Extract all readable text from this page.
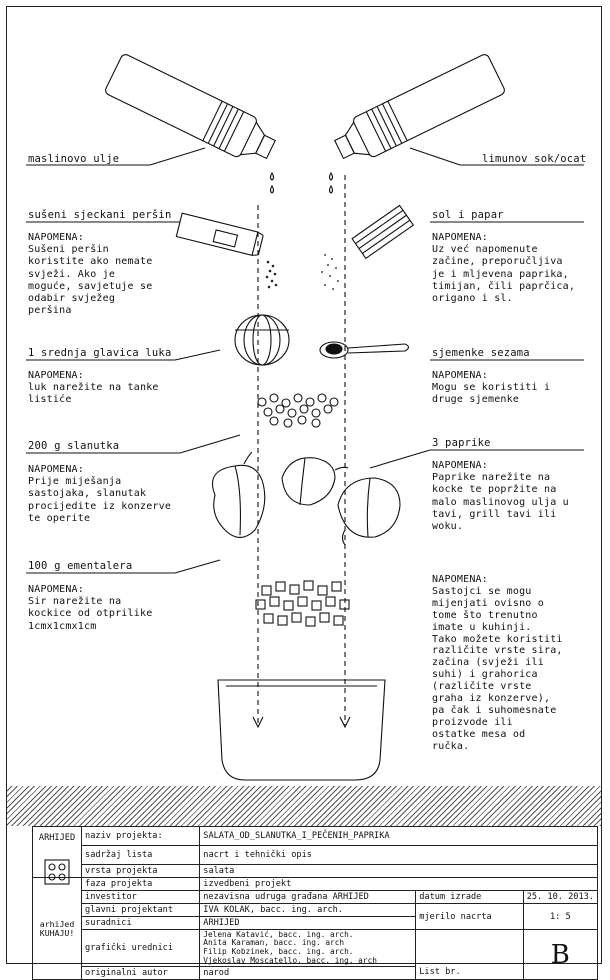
maslinovo ulje	limunov sok/ocat
sušeni sjeckani peršin	sol i papar
1 srednja glavica luka	sjemenke sezama
200 g slanutka	3 paprike
100 g ementalera
NAPOMENA:
Sušeni peršin
koristite ako nemate
svježi. Ako je
moguće, savjetuje se
odabir svježeg
peršina
NAPOMENA:
Uz već napomenute
začine, preporučljiva
je i mljevena paprika,
timijan, čili paprčica,
origano i sl.
NAPOMENA:
luk narežite na tanke
listiće
NAPOMENA:
Mogu se koristiti i
druge sjemenke
NAPOMENA:
Prije miješanja
sastojaka, slanutak
procijedite iz konzerve
te operite
NAPOMENA:
Paprike narežite na
kocke te popržite na
malo maslinovog ulja u
tavi, grill tavi ili
woku.
NAPOMENA:
Sir narežite na
kockice od otprilike
1cmx1cmx1cm
NAPOMENA:
Sastojci se mogu
mijenjati ovisno o
tome što trenutno
imate u kuhinji.
Tako možete koristiti
različite vrste sira,
začina (svježi ili
suhi) i grahorica
(različite vrste
graha iz konzerve),
pa čak i suhomesnate
proizvode ili
ostatke mesa od
ručka.
ARHIJED	naziv projekta:	SALATA_OD_SLANUTKA_I_PEČENIH_PAPRIKA		
	sadržaj lista	nacrt i tehnički opis		
	vrsta projekta	salata		
arhiJed
KUHAJU!	faza projekta	izvedbeni projekt		
	investitor	nezavisna udruga građana ARHIJED	datum izrade	25. 10. 2013.
	glavni projektant	IVA KOLAK, bacc. ing. arch.	mjerilo nacrta	1: 5
	suradnici	ARHIJED		
	grafički urednici	Jelena Katavić, bacc. ing. arch.
Anita Karaman, bacc. ing. arch
Filip Kobzinek, bacc. ing. arch.
Vjekoslav Moscatello, bacc. ing. arch	List br.	B
	originalni autor	narod		
